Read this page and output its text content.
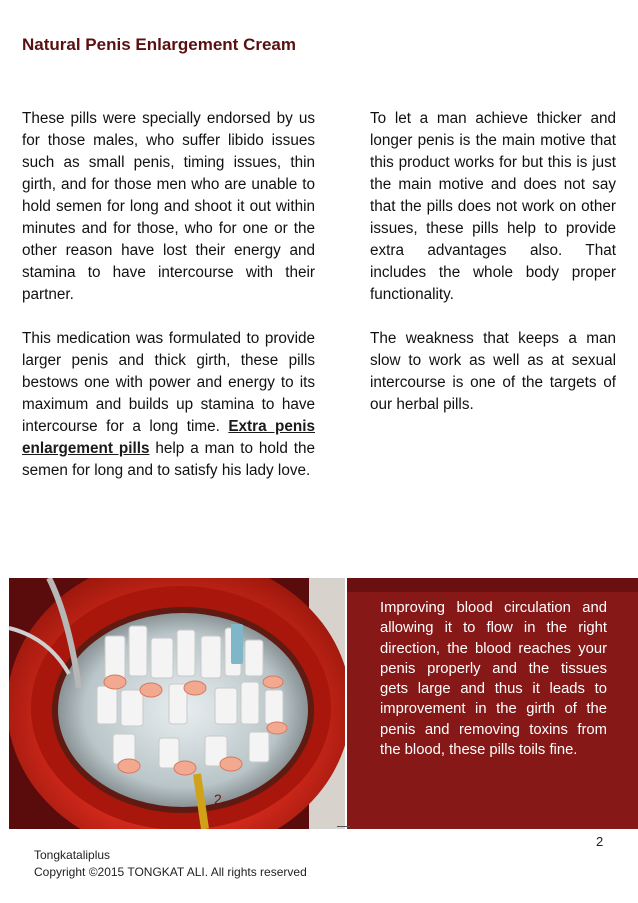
Natural Penis Enlargement Cream

These pills were specially endorsed by us for those males, who suffer libido issues such as small penis, timing issues, thin girth, and for those men who are unable to hold semen for long and shoot it out within minutes and for those, who for one or the other reason have lost their energy and stamina to have intercourse with their partner.

This medication was formulated to provide larger penis and thick girth, these pills bestows one with power and energy to its maximum and builds up stamina to have intercourse for a long time. Extra penis enlargement pills help a man to hold the semen for long and to satisfy his lady love.

To let a man achieve thicker and longer penis is the main motive that this product works for but this is just the main motive and does not say that the pills does not work on other issues, these pills help to provide extra advantages also. That includes the whole body proper functionality.

The weakness that keeps a man slow to work as well as at sexual intercourse is one of the targets of our herbal pills.

2

Improving blood circulation and allowing it to flow in the right direction, the blood reaches your penis properly and the tissues gets large and thus it leads to improvement in the girth of the penis and removing toxins from the blood, these pills toils fine.

2
Tongkataliplus
Copyright ©2015 TONGKAT ALI. All rights reserved
